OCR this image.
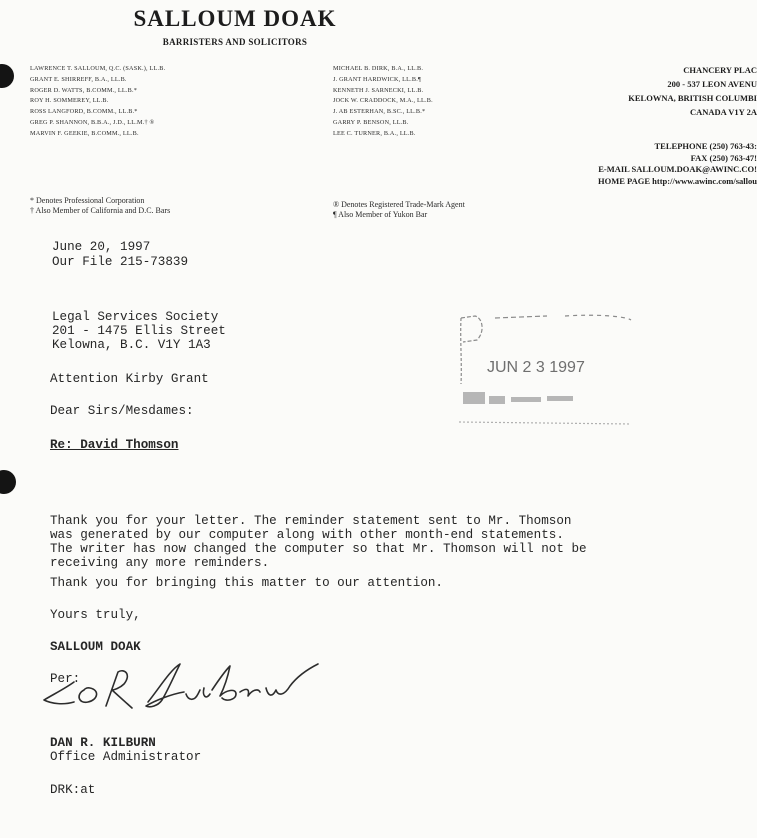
SALLOUM DOAK
BARRISTERS AND SOLICITORS
LAWRENCE T. SALLOUM, Q.C. (SASK.), LL.B.
GRANT E. SHIRREFF, B.A., LL.B.
ROGER D. WATTS, B.COMM., LL.B.*
ROY H. SOMMEREY, LL.B.
ROSS LANGFORD, B.COMM., LL.B.*
GREG P. SHANNON, B.B.A., J.D., LL.M.† ®
MARVIN F. GEEKIE, B.COMM., LL.B.
MICHAEL B. DIRK, B.A., LL.B.
J. GRANT HARDWICK, LL.B.¶
KENNETH J. SARNECKI, LL.B.
JOCK W. CRADDOCK, M.A., LL.B.
J. AB ESTERHAN, B.SC., LL.B.*
GARRY P. BENSON, LL.B.
LEE C. TURNER, B.A., LL.B.
CHANCERY PLAC
200 - 537 LEON AVENU
KELOWNA, BRITISH COLUMBI
CANADA V1Y 2A
TELEPHONE (250) 763-43:
FAX (250) 763-47!
E-MAIL SALLOUM.DOAK@AWINC.CO!
HOME PAGE http://www.awinc.com/sallou
* Denotes Professional Corporation
† Also Member of California and D.C. Bars
® Denotes Registered Trade-Mark Agent
¶ Also Member of Yukon Bar
June 20, 1997
Our File 215-73839
Legal Services Society
201 - 1475 Ellis Street
Kelowna, B.C. V1Y 1A3
Attention Kirby Grant
Dear Sirs/Mesdames:
Re: David Thomson
Thank you for your letter. The reminder statement sent to Mr. Thomson
was generated by our computer along with other month-end statements.
The writer has now changed the computer so that Mr. Thomson will not be
receiving any more reminders.
Thank you for bringing this matter to our attention.
Yours truly,
SALLOUM DOAK
Per:
DAN R. KILBURN
Office Administrator
DRK:at
JUN 2 3 1997
